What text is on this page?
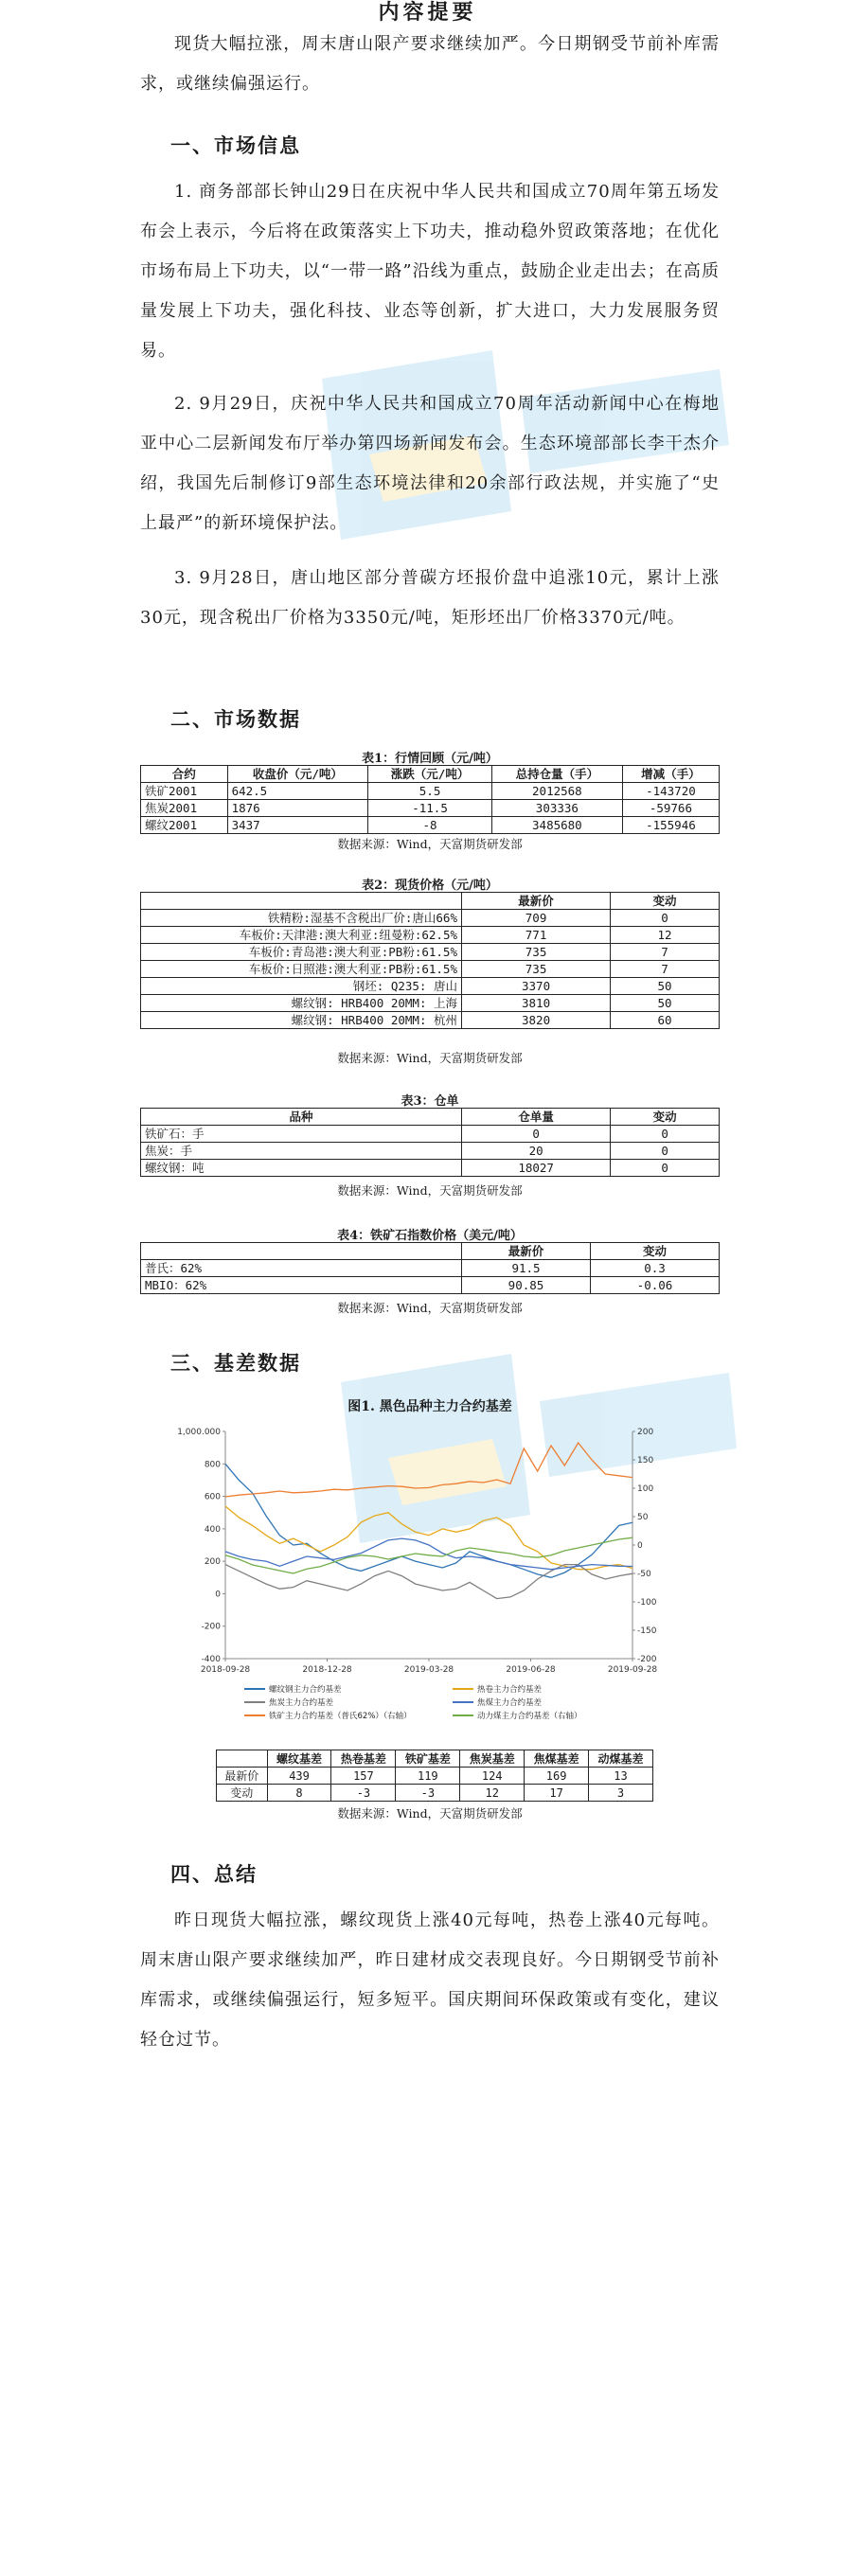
内容提要

现货大幅拉涨，周末唐山限产要求继续加严。今日期钢受节前补库需求，或继续偏强运行。

一、市场信息

1. 商务部部长钟山29日在庆祝中华人民共和国成立70周年第五场发布会上表示，今后将在政策落实上下功夫，推动稳外贸政策落地；在优化市场布局上下功夫，以“一带一路”沿线为重点，鼓励企业走出去；在高质量发展上下功夫，强化科技、业态等创新，扩大进口，大力发展服务贸易。

2. 9月29日，庆祝中华人民共和国成立70周年活动新闻中心在梅地亚中心二层新闻发布厅举办第四场新闻发布会。生态环境部部长李干杰介绍，我国先后制修订9部生态环境法律和20余部行政法规，并实施了“史上最严”的新环境保护法。

3. 9月28日，唐山地区部分普碳方坯报价盘中追涨10元，累计上涨30元，现含税出厂价格为3350元/吨，矩形坯出厂价格3370元/吨。

二、市场数据

表1：行情回顾（元/吨）

合约	收盘价（元/吨）	涨跌（元/吨）	总持仓量（手）	增减（手）
铁矿2001	642.5	5.5	2012568	-143720
焦炭2001	1876	-11.5	303336	-59766
螺纹2001	3437	-8	3485680	-155946

数据来源：Wind，天富期货研发部

表2：现货价格（元/吨）

	最新价	变动
铁精粉:湿基不含税出厂价:唐山66%	709	0
车板价:天津港:澳大利亚:纽曼粉:62.5%	771	12
车板价:青岛港:澳大利亚:PB粉:61.5%	735	7
车板价:日照港:澳大利亚:PB粉:61.5%	735	7
钢坯: Q235: 唐山	3370	50
螺纹钢: HRB400 20MM: 上海	3810	50
螺纹钢: HRB400 20MM: 杭州	3820	60

数据来源：Wind，天富期货研发部

表3：仓单

品种	仓单量	变动
铁矿石：手	0	0
焦炭：手	20	0
螺纹钢：吨	18027	0

数据来源：Wind，天富期货研发部

表4：铁矿石指数价格（美元/吨）

	最新价	变动
普氏：62%	91.5	0.3
MBIO：62%	90.85	-0.06

数据来源：Wind，天富期货研发部

三、基差数据

图1. 黑色品种主力合约基差

1,000.000
800
600
400
200
0
-200
-400
200
150
100
50
0
-50
-100
-150
-200
2018-09-28	2018-12-28	2019-03-28	2019-06-28	2019-09-28
螺纹钢主力合约基差	热卷主力合约基差
焦炭主力合约基差	焦煤主力合约基差
铁矿主力合约基差（普氏62%）（右轴）	动力煤主力合约基差（右轴）
	螺纹基差	热卷基差	铁矿基差	焦炭基差	焦煤基差	动煤基差
最新价	439	157	119	124	169	13
变动	8	-3	-3	12	17	3

数据来源：Wind，天富期货研发部

四、总结

昨日现货大幅拉涨，螺纹现货上涨40元每吨，热卷上涨40元每吨。周末唐山限产要求继续加严，昨日建材成交表现良好。今日期钢受节前补库需求，或继续偏强运行，短多短平。国庆期间环保政策或有变化，建议轻仓过节。
